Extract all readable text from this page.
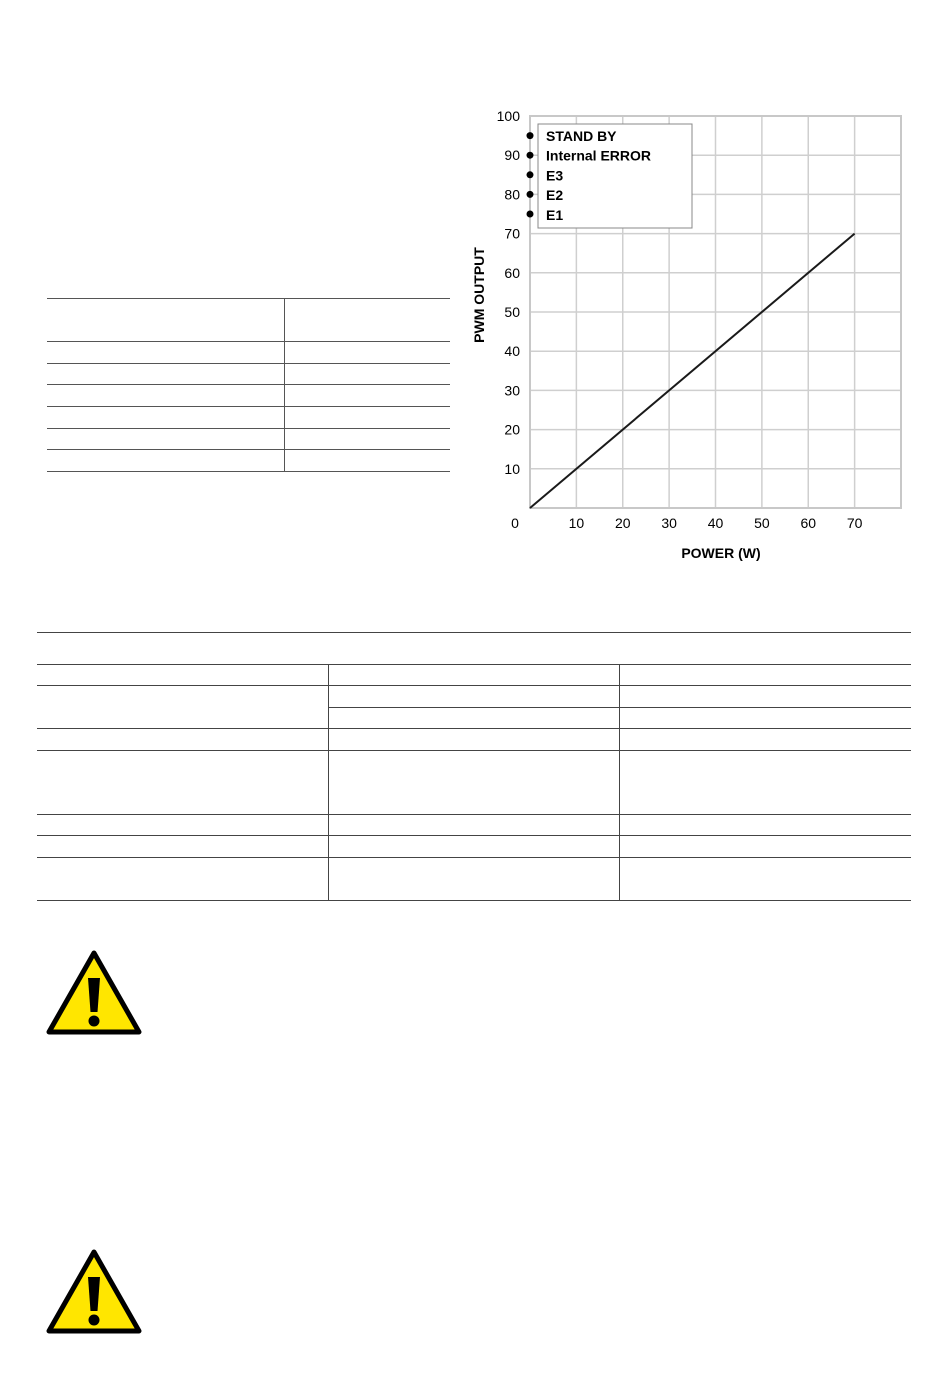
10
20
30
40
50
60
70
80
90
100
0	10 20 30 40 50 60 70
STAND BY
Internal ERROR
E3
E2
E1
PWM OUTPUT
POWER (W)
